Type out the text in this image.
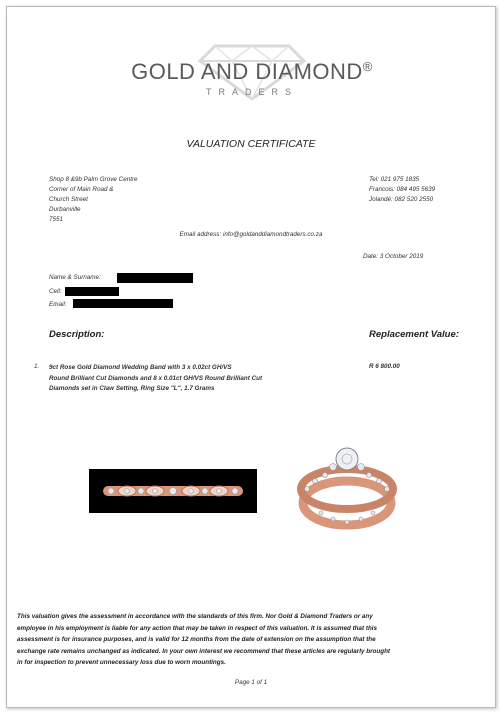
GOLD AND DIAMOND®
TRADERS
VALUATION CERTIFICATE
Shop 8 &9b Palm Grove Centre
Corner of Main Road &
Church Street
Durbanville
7551
Tel: 021 975 1835
Francois: 084 495 5639
Jolandé: 082 520 2550
Email address: info@goldanddiamondtraders.co.za
Date: 3 October 2019
Name & Surname:
Cell:
Email:
Description:	Replacement Value:
1. 9ct Rose Gold Diamond Wedding Band with 3 x 0.02ct GH/VS
Round Brilliant Cut Diamonds and 8 x 0.01ct GH/VS Round Brilliant Cut
Diamonds set in Claw Setting, Ring Size "L", 1.7 Grams
R 6 800.00
This valuation gives the assessment in accordance with the standards of this firm. Nor Gold & Diamond Traders or any
employee in his employment is liable for any action that may be taken in respect of this valuation. It is assumed that this
assessment is for insurance purposes, and is valid for 12 months from the date of extension on the assumption that the
exchange rate remains unchanged as indicated. In your own interest we recommend that these articles are regularly brought
in for inspection to prevent unnecessary loss due to worn mountings.
Page 1 of 1
